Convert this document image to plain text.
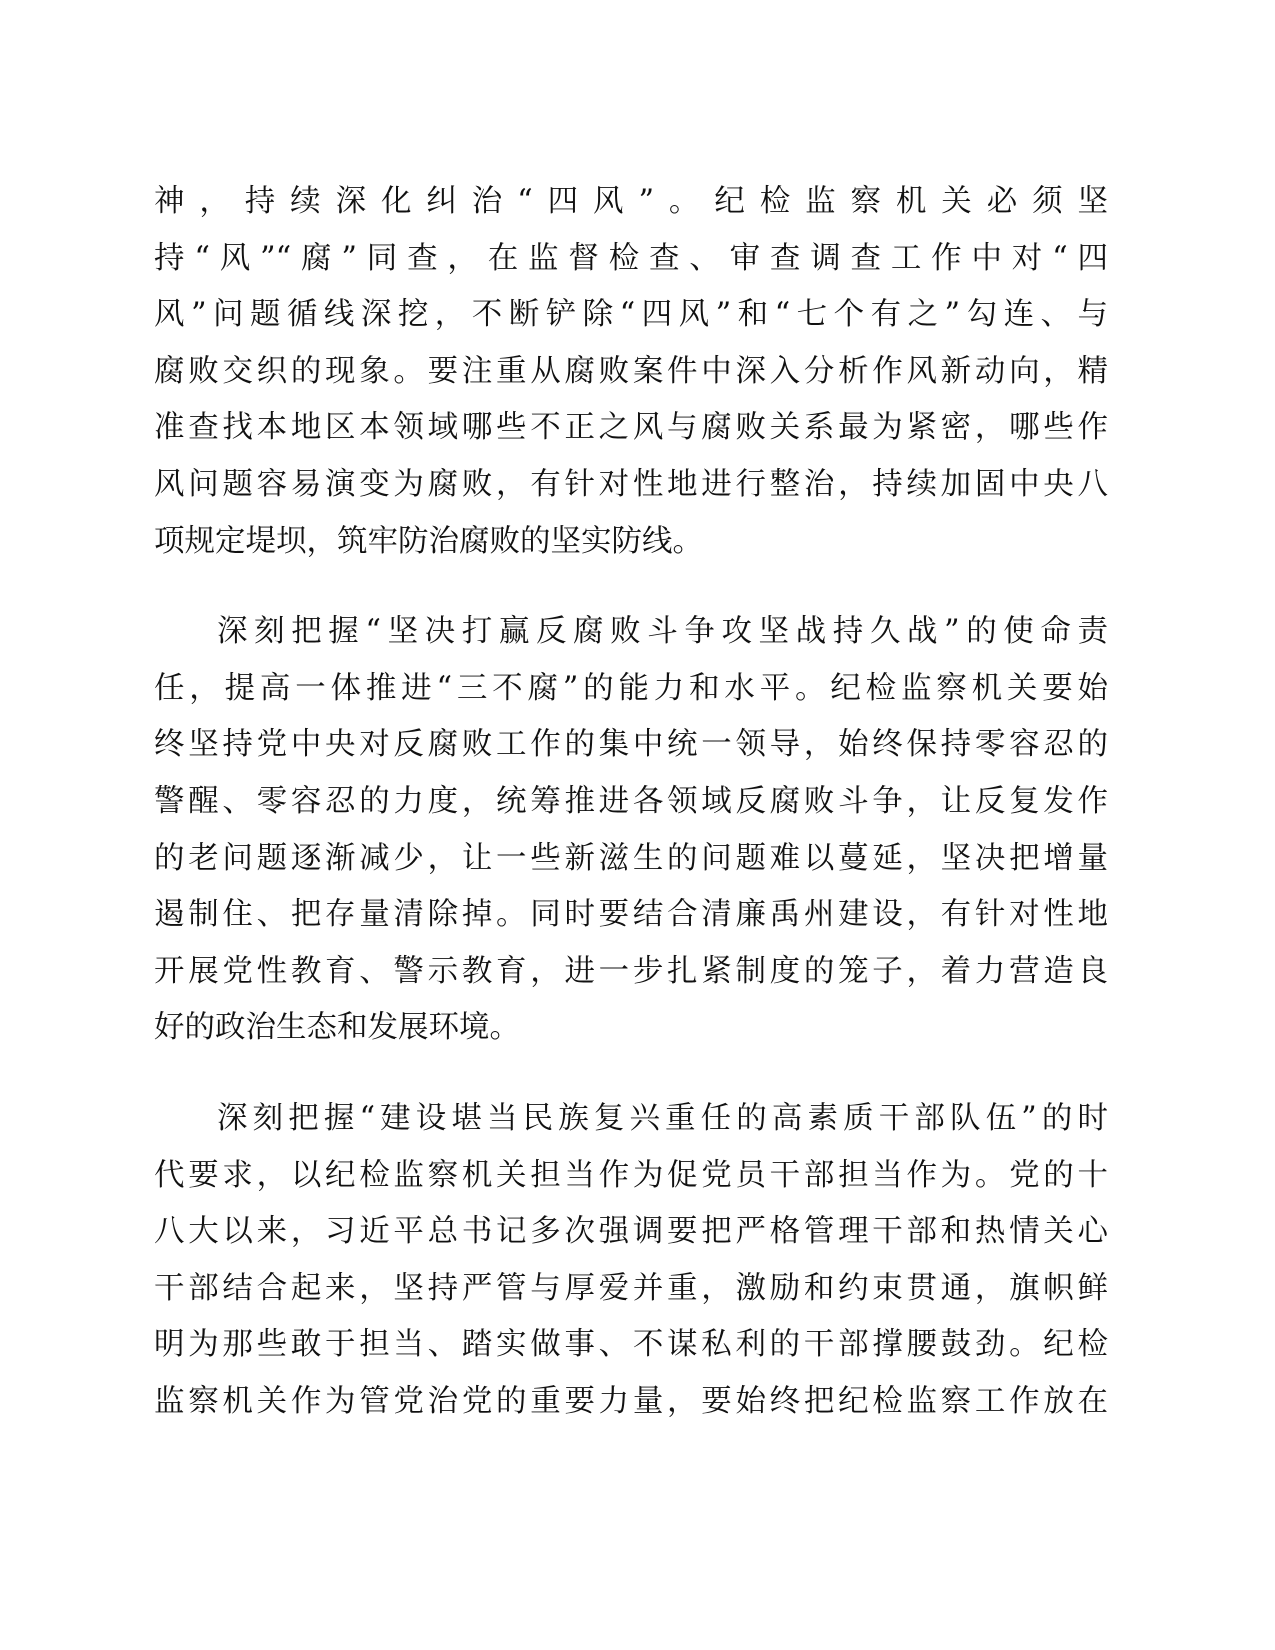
神，持续深化纠治“四风”。纪检监察机关必须坚
持“风”“腐”同查，在监督检查、审查调查工作中对“四
风”问题循线深挖，不断铲除“四风”和“七个有之”勾连、与
腐败交织的现象。要注重从腐败案件中深入分析作风新动向，精
准查找本地区本领域哪些不正之风与腐败关系最为紧密，哪些作
风问题容易演变为腐败，有针对性地进行整治，持续加固中央八
项规定堤坝，筑牢防治腐败的坚实防线。
深刻把握“坚决打赢反腐败斗争攻坚战持久战”的使命责
任，提高一体推进“三不腐”的能力和水平。纪检监察机关要始
终坚持党中央对反腐败工作的集中统一领导，始终保持零容忍的
警醒、零容忍的力度，统筹推进各领域反腐败斗争，让反复发作
的老问题逐渐减少，让一些新滋生的问题难以蔓延，坚决把增量
遏制住、把存量清除掉。同时要结合清廉禹州建设，有针对性地
开展党性教育、警示教育，进一步扎紧制度的笼子，着力营造良
好的政治生态和发展环境。
深刻把握“建设堪当民族复兴重任的高素质干部队伍”的时
代要求，以纪检监察机关担当作为促党员干部担当作为。党的十
八大以来，习近平总书记多次强调要把严格管理干部和热情关心
干部结合起来，坚持严管与厚爱并重，激励和约束贯通，旗帜鲜
明为那些敢于担当、踏实做事、不谋私利的干部撑腰鼓劲。纪检
监察机关作为管党治党的重要力量，要始终把纪检监察工作放在
